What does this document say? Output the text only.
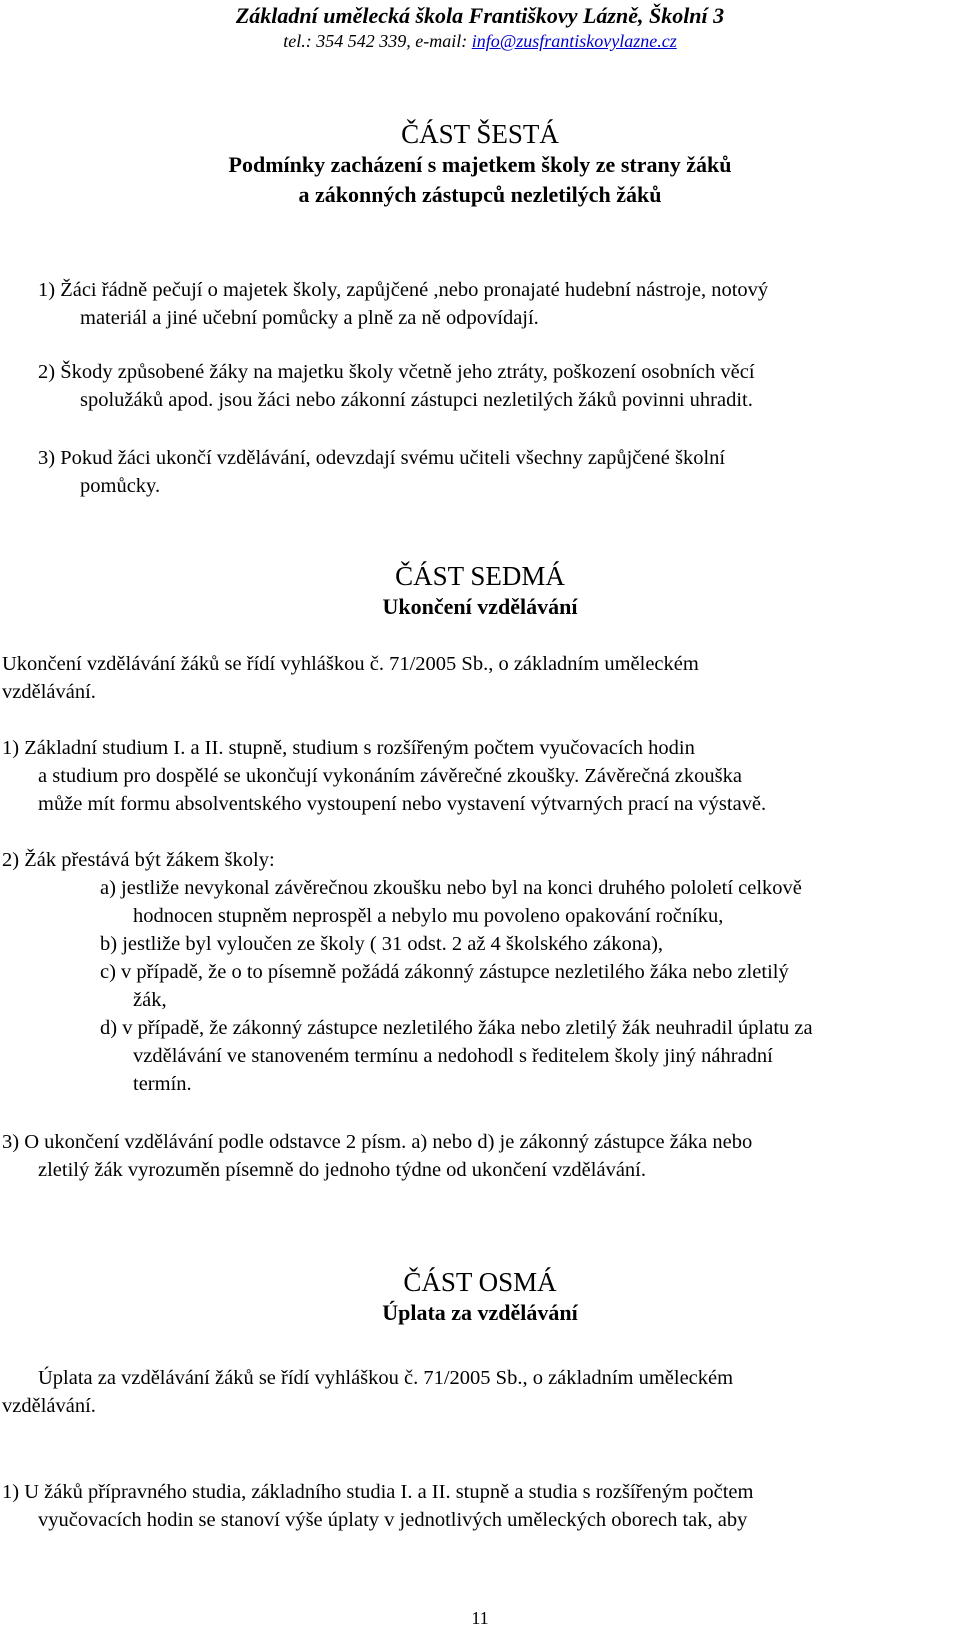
Základní umělecká škola Františkovy Lázně, Školní 3
tel.: 354 542 339, e-mail: info@zusfrantiskovylazne.cz
ČÁST ŠESTÁ
Podmínky zacházení s majetkem školy ze strany žáků
a zákonných zástupců nezletilých žáků
1) Žáci řádně pečují o majetek školy, zapůjčené ,nebo pronajaté hudební nástroje, notový
materiál a jiné učební pomůcky a plně za ně odpovídají.
2) Škody způsobené žáky na majetku školy včetně jeho ztráty, poškození osobních věcí
spolužáků apod. jsou žáci nebo zákonní zástupci nezletilých žáků povinni uhradit.
3) Pokud žáci ukončí vzdělávání, odevzdají svému učiteli všechny zapůjčené školní
pomůcky.
ČÁST SEDMÁ
Ukončení vzdělávání
Ukončení vzdělávání žáků se řídí vyhláškou č. 71/2005 Sb., o základním uměleckém
vzdělávání.
1) Základní studium I. a II. stupně, studium s rozšířeným počtem vyučovacích hodin
a studium pro dospělé se ukončují vykonáním závěrečné zkoušky. Závěrečná zkouška
může mít formu absolventského vystoupení nebo vystavení výtvarných prací na výstavě.
2) Žák přestává být žákem školy:
a) jestliže nevykonal závěrečnou zkoušku nebo byl na konci druhého pololetí celkově
hodnocen stupněm neprospěl a nebylo mu povoleno opakování ročníku,
b) jestliže byl vyloučen ze školy ( 31 odst. 2 až 4 školského zákona),
c) v případě, že o to písemně požádá zákonný zástupce nezletilého žáka nebo zletilý
žák,
d) v případě, že zákonný zástupce nezletilého žáka nebo zletilý žák neuhradil úplatu za
vzdělávání ve stanoveném termínu a nedohodl s ředitelem školy jiný náhradní
termín.
3) O ukončení vzdělávání podle odstavce 2 písm. a) nebo d) je zákonný zástupce žáka nebo
zletilý žák vyrozuměn písemně do jednoho týdne od ukončení vzdělávání.
ČÁST OSMÁ
Úplata za vzdělávání
Úplata za vzdělávání žáků se řídí vyhláškou č. 71/2005 Sb., o základním uměleckém
vzdělávání.
1) U žáků přípravného studia, základního studia I. a II. stupně a studia s rozšířeným počtem
vyučovacích hodin se stanoví výše úplaty v jednotlivých uměleckých oborech tak, aby
11
